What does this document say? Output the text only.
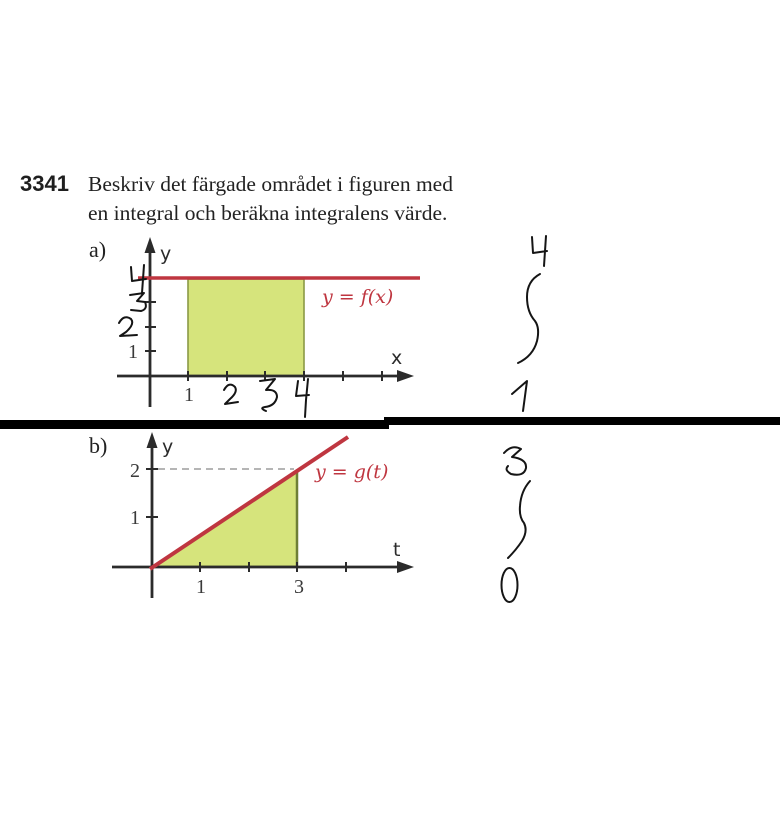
3341 Beskriv det färgade området i figuren med
en integral och beräkna integralens värde.
a)	y
x
y = f(x)
1
1
b)	y
t
y = g(t)
2
1
1	3
